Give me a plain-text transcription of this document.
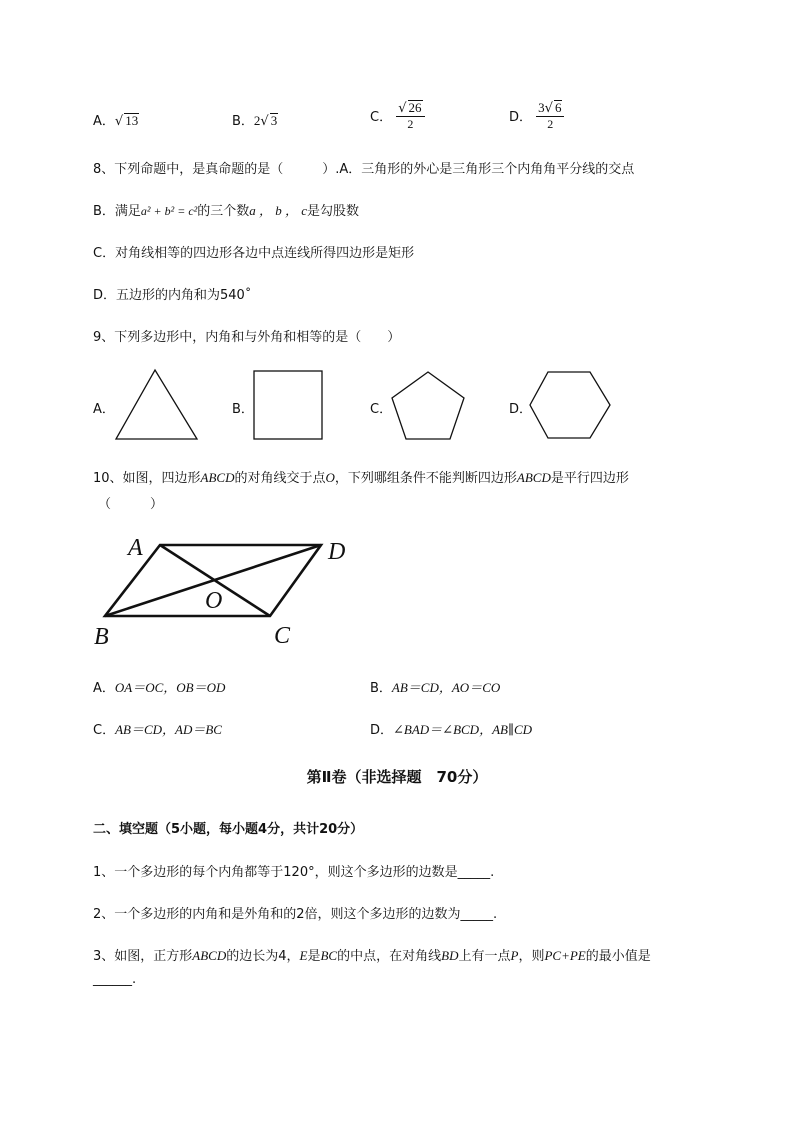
A．√ 13	B．2√ 3	C． $\frac{√ 26}{2}$	D． $\frac{3√ 6}{2}$
8、下列命题中，是真命题的是（　　　）.A．三角形的外心是三角形三个内角角平分线的交点
B．满足a² + b² = c²的三个数a ， b ， c是勾股数
C．对角线相等的四边形各边中点连线所得四边形是矩形
D．五边形的内角和为540˚
9、下列多边形中，内角和与外角和相等的是（　　）
A．	B．	C．	D．
10、如图，四边形ABCD的对角线交于点O，下列哪组条件不能判断四边形ABCD是平行四边形
（　　　）
A	D
B	C
O
A．OA＝OC，OB＝OD	B．AB＝CD，AO＝CO
C．AB＝CD，AD＝BC	D．∠BAD＝∠BCD，AB∥CD
第Ⅱ卷（非选择题　70分）
二、填空题（5小题，每小题4分，共计20分）
1、一个多边形的每个内角都等于120°，则这个多边形的边数是_____.
2、一个多边形的内角和是外角和的2倍，则这个多边形的边数为_____.
3、如图，正方形ABCD的边长为4，E是BC的中点，在对角线BD上有一点P，则PC+PE的最小值是
______.
